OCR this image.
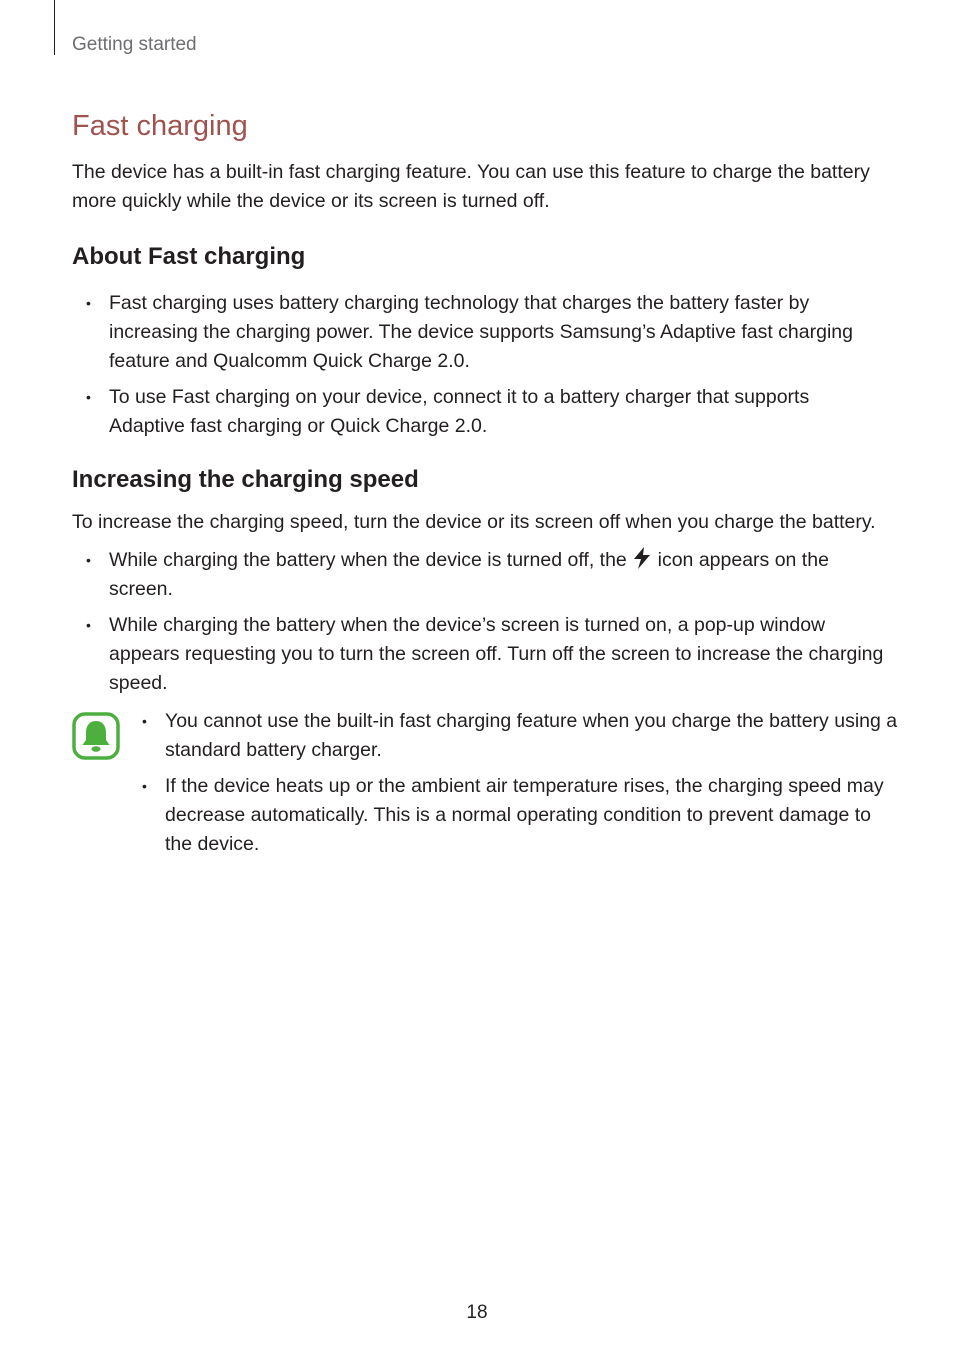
Getting started
Fast charging

The device has a built-in fast charging feature. You can use this feature to charge the battery more quickly while the device or its screen is turned off.

About Fast charging
• Fast charging uses battery charging technology that charges the battery faster by increasing the charging power. The device supports Samsung’s Adaptive fast charging feature and Qualcomm Quick Charge 2.0.
• To use Fast charging on your device, connect it to a battery charger that supports Adaptive fast charging or Quick Charge 2.0.
Increasing the charging speed

To increase the charging speed, turn the device or its screen off when you charge the battery.

• While charging the battery when the device is turned off, the icon appears on the screen.
• While charging the battery when the device’s screen is turned on, a pop-up window appears requesting you to turn the screen off. Turn off the screen to increase the charging speed.
• You cannot use the built-in fast charging feature when you charge the battery using a standard battery charger.
• If the device heats up or the ambient air temperature rises, the charging speed may decrease automatically. This is a normal operating condition to prevent damage to the device.
18
